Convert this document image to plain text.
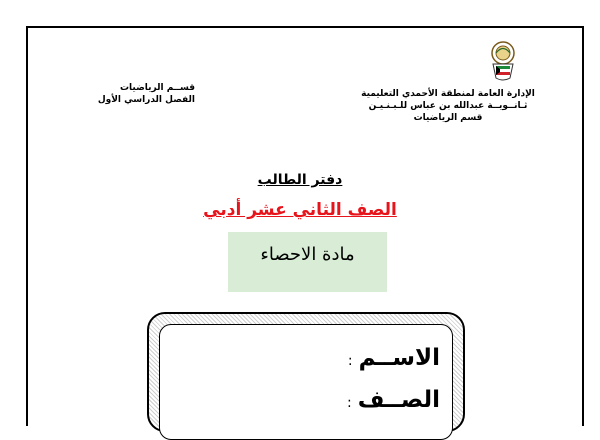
الإدارة العامة لمنطقة الأحمدي التعليمية
ثـانــويــة عبدالله بن عباس للـبـنـيـن
قسم الرياضيات
قســم الرياضيات
الفصل الدراسي الأول
دفتر الطالب
الصف الثاني عشر أدبي
مادة الاحصاء
الاســم:
الصــف:
